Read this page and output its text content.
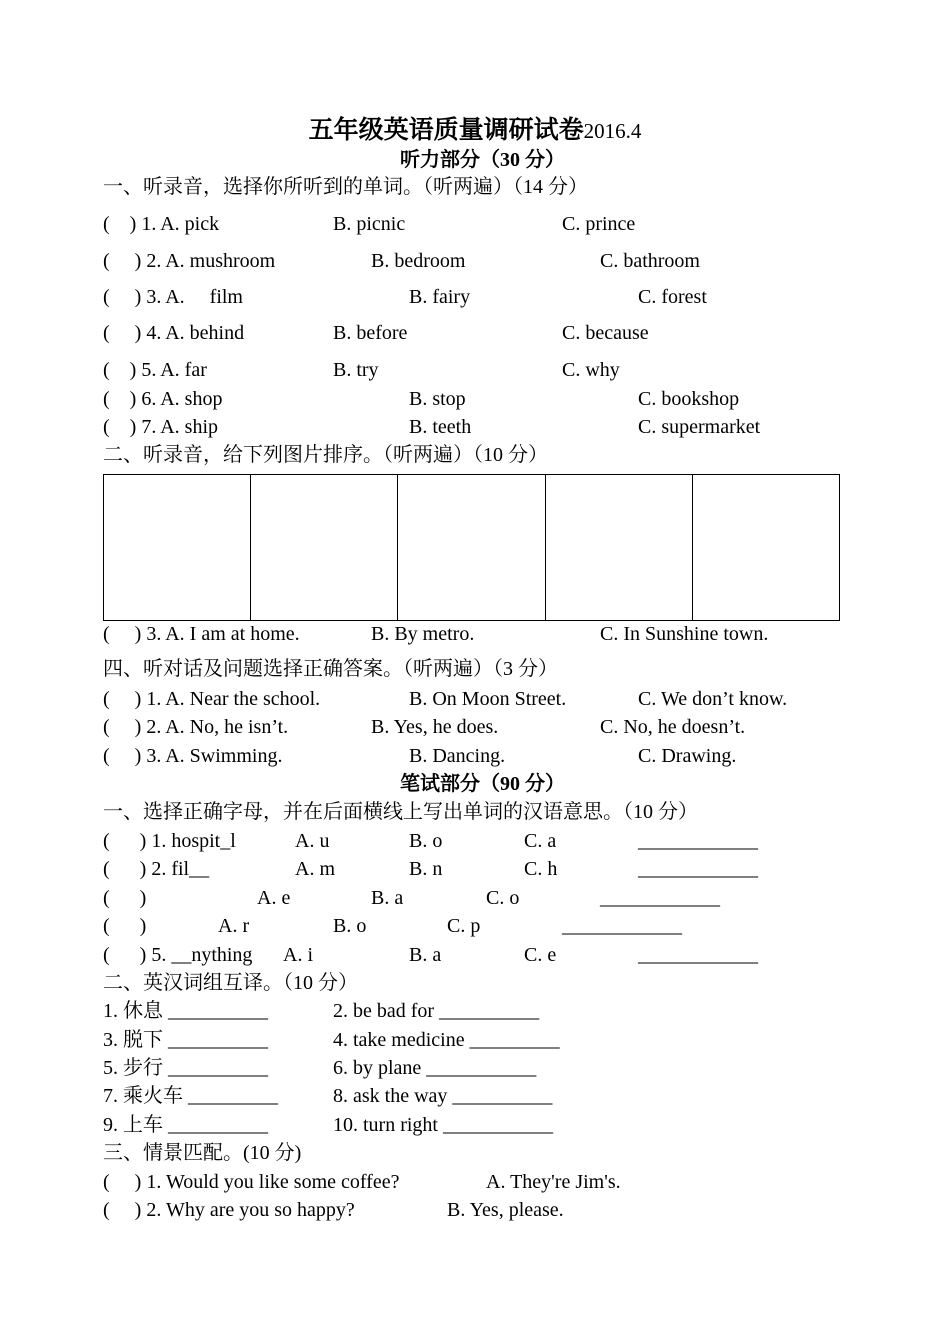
五年级英语质量调研试卷2016.4
听力部分（30 分）
一、听录音，选择你所听到的单词。（听两遍）（14 分）
(    ) 1. A. pick	B. picnic	C. prince
(     ) 2. A. mushroom	B. bedroom	C. bathroom
(     ) 3. A.     film	B. fairy	C. forest
(     ) 4. A. behind	B. before	C. because
(    ) 5. A. far	B. try	C. why
(    ) 6. A. shop	B. stop	C. bookshop
(    ) 7. A. ship	B. teeth	C. supermarket
二、听录音，给下列图片排序。（听两遍）（10 分）
(     ) 3. A. I am at home.	B. By metro.	C. In Sunshine town.
四、听对话及问题选择正确答案。（听两遍）（3 分）
(     ) 1. A. Near the school.	B. On Moon Street.	C. We don’t know.
(     ) 2. A. No, he isn’t.	B. Yes, he does.	C. No, he doesn’t.
(     ) 3. A. Swimming.	B. Dancing.	C. Drawing.
笔试部分（90 分）
一、选择正确字母，并在后面横线上写出单词的汉语意思。（10 分）
(      ) 1. hospit_l	A. u	B. o	C. a	____________
(      ) 2. fil__	A. m	B. n	C. h	____________
(      )	A. e	B. a	C. o	____________
(      )	A. r	B. o	C. p	____________
(      ) 5. __nything A. i	B. a	C. e	____________
二、英汉词组互译。（10 分）
1. 休息 __________	2. be bad for __________
3. 脱下 __________	4. take medicine _________
5. 步行 __________	6. by plane ___________
7. 乘火车 _________	8. ask the way __________
9. 上车 __________	10. turn right ___________
三、情景匹配。(10 分)
(     ) 1. Would you like some coffee?	A. They're Jim's.
(     ) 2. Why are you so happy?	B. Yes, please.
